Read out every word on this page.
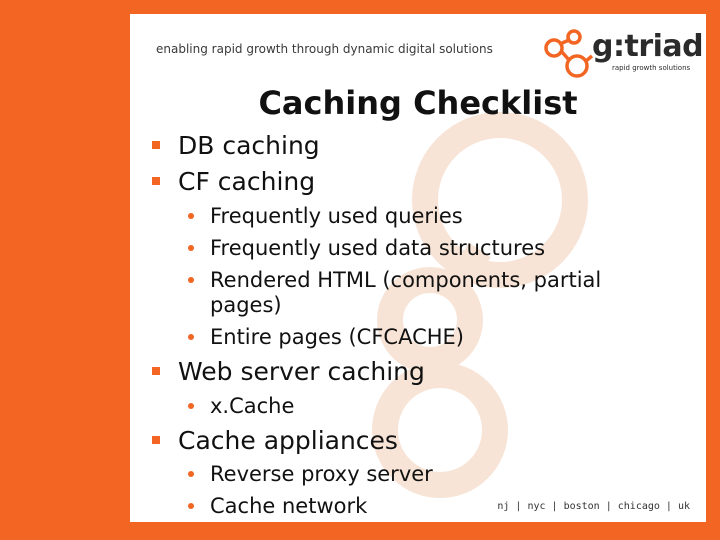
enabling rapid growth through dynamic digital solutions	g:triad
rapid growth solutions
Caching Checklist
DB caching
CF caching
Frequently used queries
Frequently used data structures
Rendered HTML (components, partial
pages)
Entire pages (CFCACHE)
Web server caching
x.Cache
Cache appliances
Reverse proxy server
Cache network	nj | nyc | boston | chicago | uk
